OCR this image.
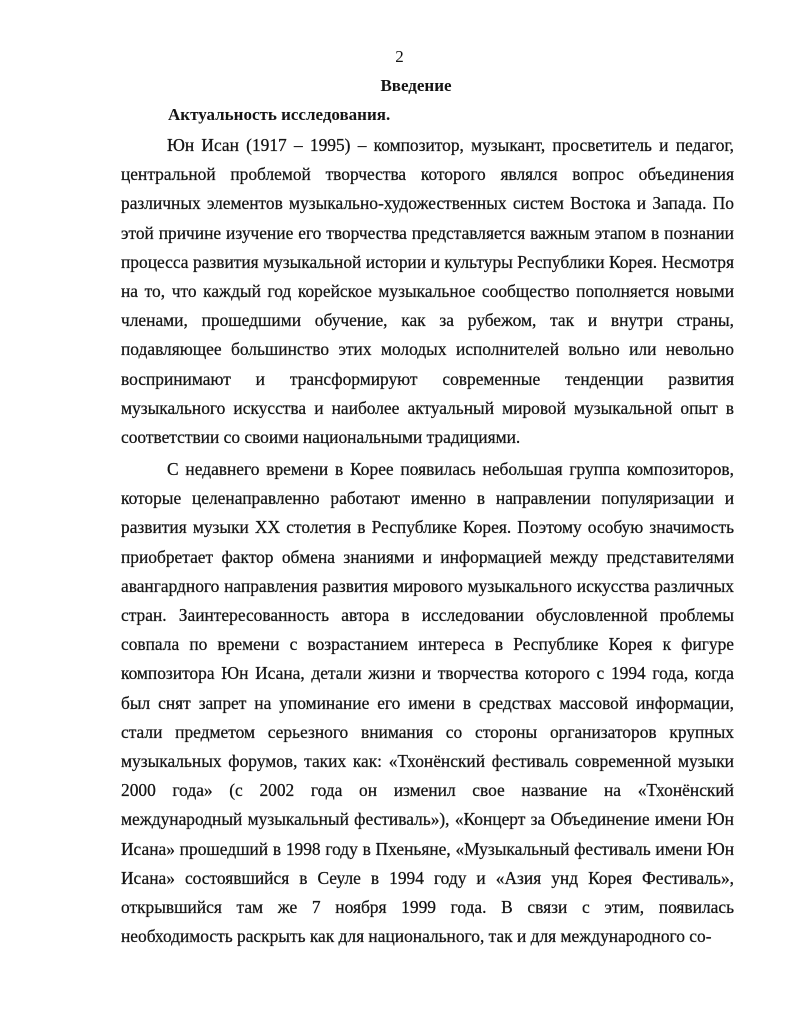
2

Введение
Актуальность исследования.

Юн Исан (1917 – 1995) – композитор, музыкант, просветитель и педагог, центральной проблемой творчества которого являлся вопрос объединения различных элементов музыкально-художественных систем Востока и Запада. По этой причине изучение его творчества представляется важным этапом в познании процесса развития музыкальной истории и культуры Республики Корея. Несмотря на то, что каждый год корейское музыкальное сообщество пополняется новыми членами, прошедшими обучение, как за рубежом, так и внутри страны, подавляющее большинство этих молодых исполнителей вольно или невольно воспринимают и трансформируют современные тенденции развития музыкального искусства и наиболее актуальный мировой музыкальной опыт в соответствии со своими национальными традициями.

С недавнего времени в Корее появилась небольшая группа композиторов, которые целенаправленно работают именно в направлении популяризации и развития музыки XX столетия в Республике Корея. Поэтому особую значимость приобретает фактор обмена знаниями и информацией между представителями авангардного направления развития мирового музыкального искусства различных стран. Заинтересованность автора в исследовании обусловленной проблемы совпала по времени с возрастанием интереса в Республике Корея к фигуре композитора Юн Исана, детали жизни и творчества которого с 1994 года, когда был снят запрет на упоминание его имени в средствах массовой информации, стали предметом серьезного внимания со стороны организаторов крупных музыкальных форумов, таких как: «Тхонёнский фестиваль современной музыки 2000 года» (с 2002 года он изменил свое название на «Тхонёнский международный музыкальный фестиваль»), «Концерт за Объединение имени Юн Исана» прошедший в 1998 году в Пхеньяне, «Музыкальный фестиваль имени Юн Исана» состоявшийся в Сеуле в 1994 году и «Азия унд Корея Фестиваль», открывшийся там же 7 ноября 1999 года. В связи с этим, появилась необходимость раскрыть как для национального, так и для международного со-
